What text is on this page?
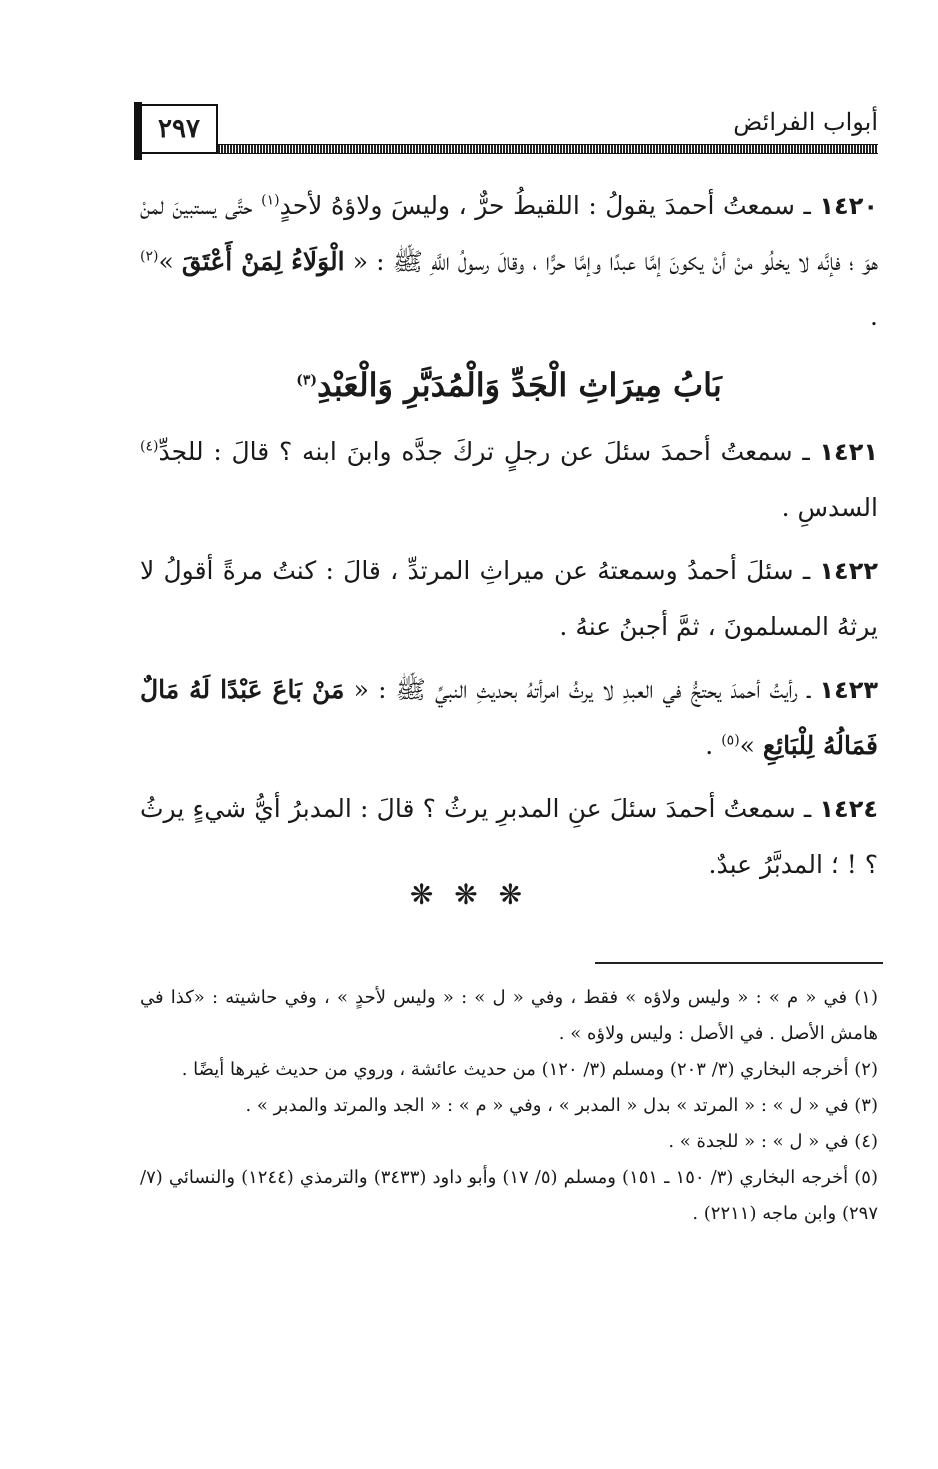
٢٩٧	أبواب الفرائض

١٤٢٠ ـ سمعتُ أحمدَ يقولُ : اللقيطُ حرٌّ ، وليسَ ولاؤهُ لأحدٍ$^{(١)}$ حتَّى يستبينَ لمنْ هوَ ؛ فإنَّه لا يخلُو منْ أنْ يكونَ إمَّا عبدًا وإمَّا حرًّا ، وقالَ رسولُ اللَّهِ ﷺ : « الْوَلَاءُ لِمَنْ أَعْتَقَ »$^{(٢)}$ .

بَابُ مِيرَاثِ الْجَدِّ وَالْمُدَبَّرِ وَالْعَبْدِ$^{(٣)}$

١٤٢١ ـ سمعتُ أحمدَ سئلَ عن رجلٍ تركَ جدَّه وابنَ ابنه ؟ قالَ : للجدِّ$^{(٤)}$ السدسِ .

١٤٢٢ ـ سئلَ أحمدُ وسمعتهُ عن ميراثِ المرتدِّ ، قالَ : كنتُ مرةً أقولُ لا يرثهُ المسلمونَ ، ثمَّ أجبنُ عنهُ .

١٤٢٣ ـ رأيتُ أحمدَ يحتجُّ في العبدِ لا يرثُ امرأتهُ بحديثِ النبيِّ ﷺ : « مَنْ بَاعَ عَبْدًا لَهُ مَالٌ فَمَالُهُ لِلْبَائِعِ »$^{(٥)}$ .

١٤٢٤ ـ سمعتُ أحمدَ سئلَ عنِ المدبرِ يرثُ ؟ قالَ : المدبرُ أيُّ شيءٍ يرثُ ؟ ! ؛ المدبَّرُ عبدٌ.

❋ ❋ ❋

(١) في « م » : « وليس ولاؤه » فقط ، وفي « ل » : « وليس لأحدٍ » ، وفي حاشيته : «كذا في هامش الأصل . في الأصل : وليس ولاؤه » .

(٢) أخرجه البخاري (٣/ ٢٠٣) ومسلم (٣/ ١٢٠) من حديث عائشة ، وروي من حديث غيرها أيضًا .

(٣) في « ل » : « المرتد » بدل « المدبر » ، وفي « م » : « الجد والمرتد والمدبر » .

(٤) في « ل » : « للجدة » .

(٥) أخرجه البخاري (٣/ ١٥٠ ـ ١٥١) ومسلم (٥/ ١٧) وأبو داود (٣٤٣٣) والترمذي (١٢٤٤) والنسائي (٧/ ٢٩٧) وابن ماجه (٢٢١١) .
